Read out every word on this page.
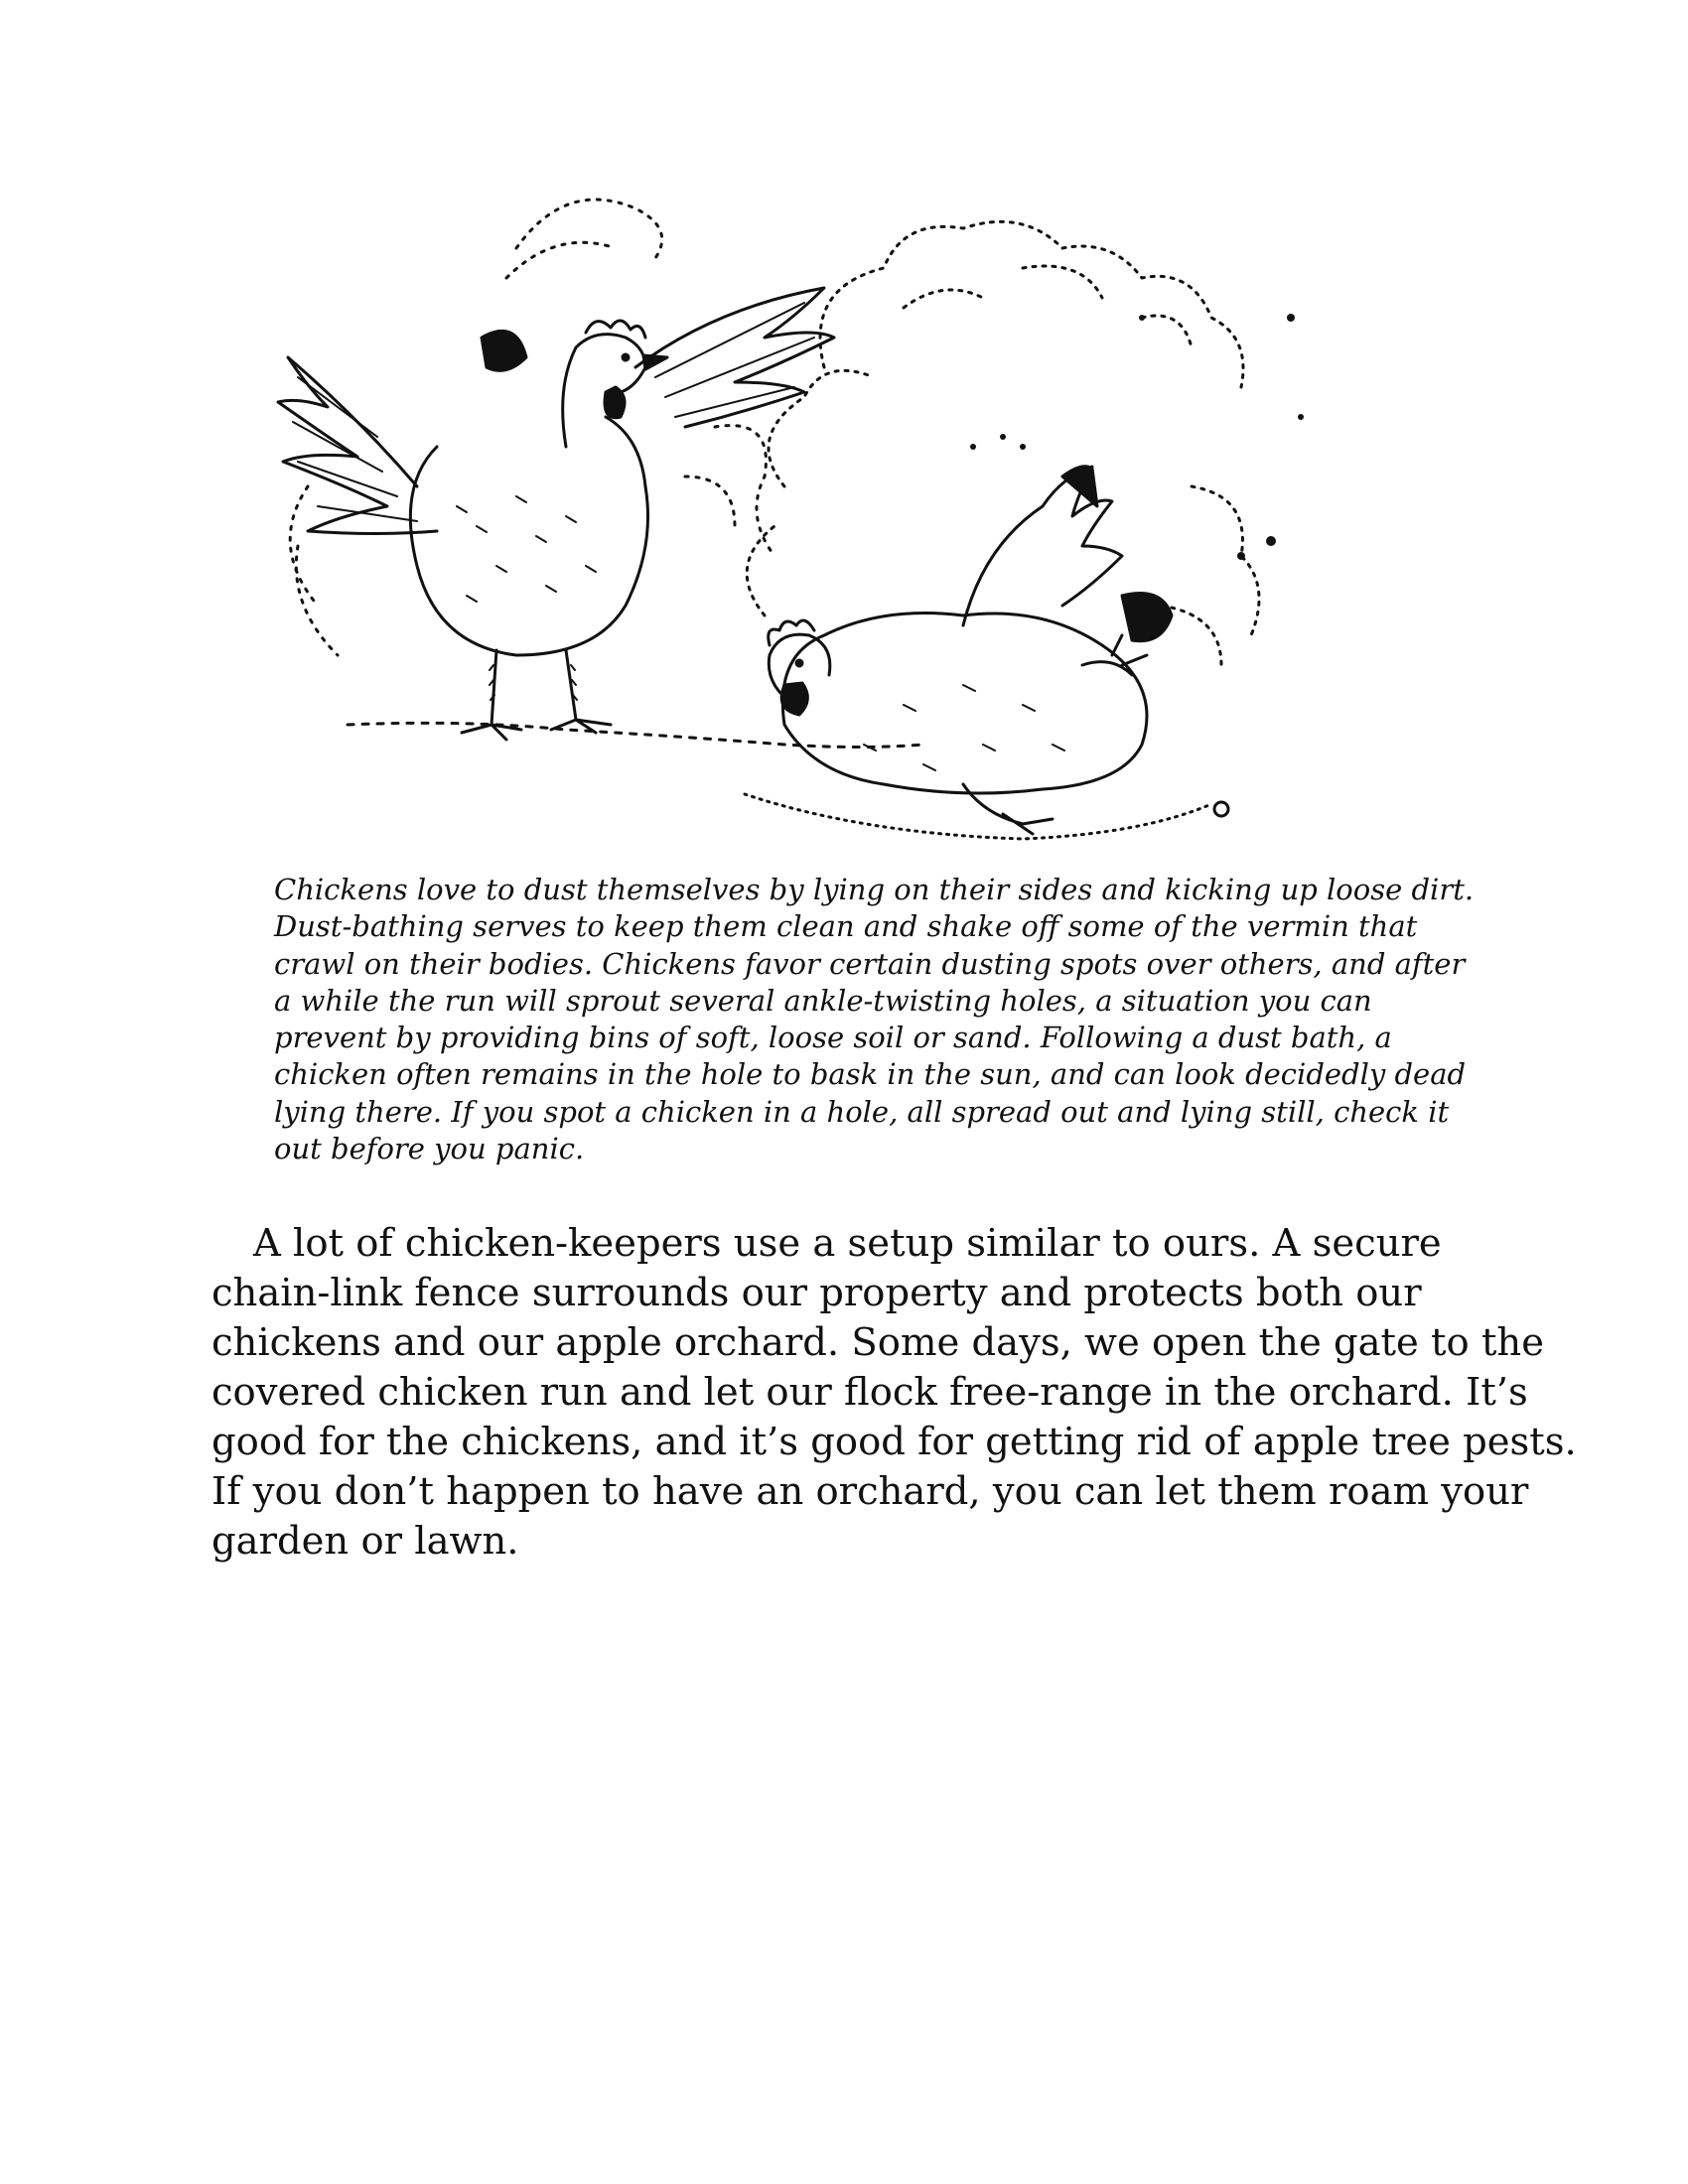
Chickens love to dust themselves by lying on their sides and kicking up loose dirt.
Dust-bathing serves to keep them clean and shake off some of the vermin that
crawl on their bodies. Chickens favor certain dusting spots over others, and after
a while the run will sprout several ankle-twisting holes, a situation you can
prevent by providing bins of soft, loose soil or sand. Following a dust bath, a
chicken often remains in the hole to bask in the sun, and can look decidedly dead
lying there. If you spot a chicken in a hole, all spread out and lying still, check it
out before you panic.

A lot of chicken-keepers use a setup similar to ours. A secure
chain-link fence surrounds our property and protects both our
chickens and our apple orchard. Some days, we open the gate to the
covered chicken run and let our flock free-range in the orchard. It’s
good for the chickens, and it’s good for getting rid of apple tree pests.
If you don’t happen to have an orchard, you can let them roam your
garden or lawn.
